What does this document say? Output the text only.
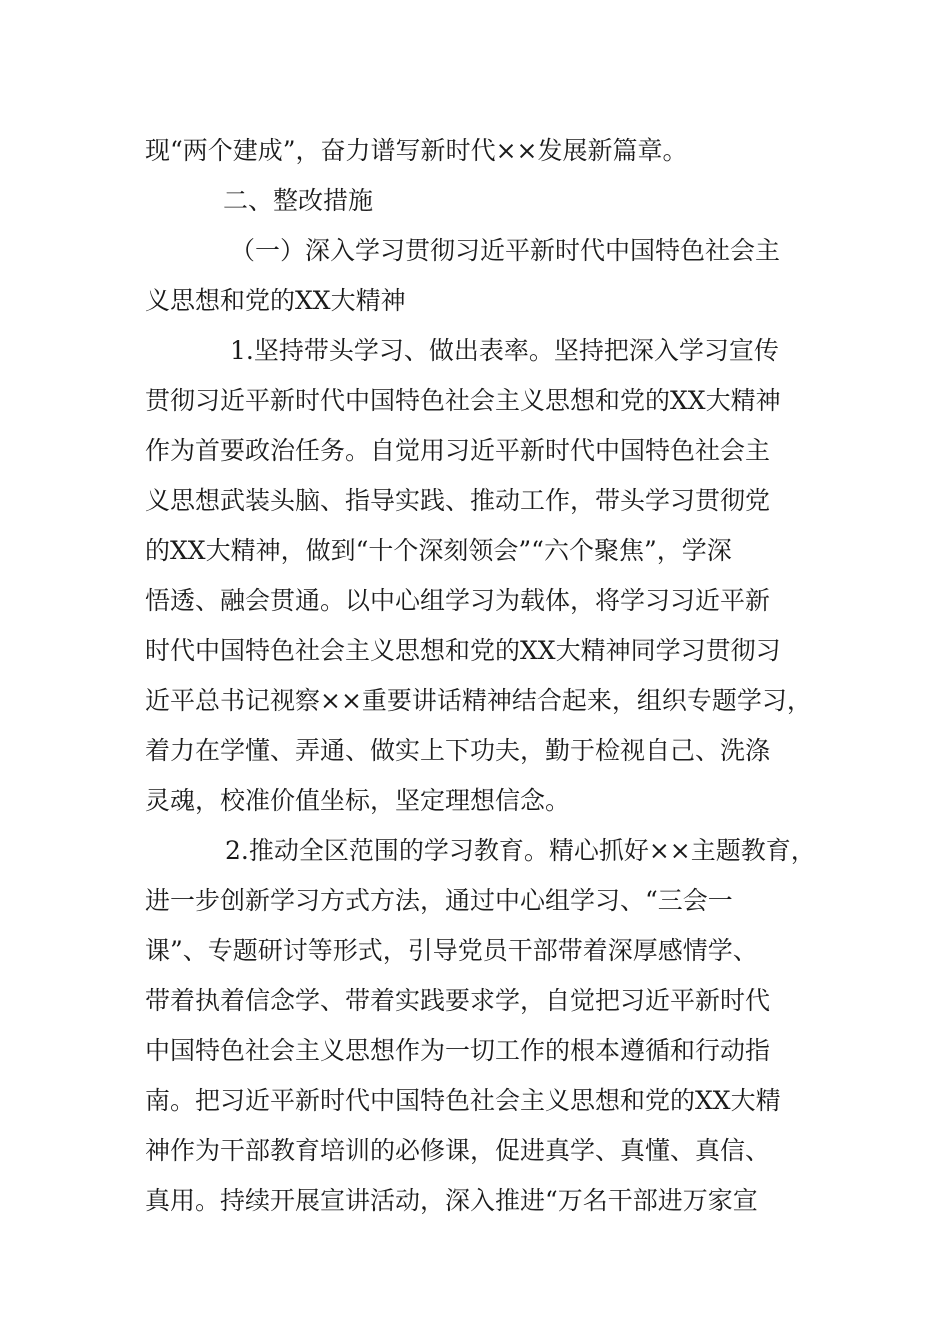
现“两个建成”，奋力谱写新时代××发展新篇章。
二、整改措施
（一）深入学习贯彻习近平新时代中国特色社会主
义思想和党的XX大精神
1.坚持带头学习、做出表率。坚持把深入学习宣传
贯彻习近平新时代中国特色社会主义思想和党的XX大精神
作为首要政治任务。自觉用习近平新时代中国特色社会主
义思想武装头脑、指导实践、推动工作，带头学习贯彻党
的XX大精神，做到“十个深刻领会”“六个聚焦”，学深
悟透、融会贯通。以中心组学习为载体，将学习习近平新
时代中国特色社会主义思想和党的XX大精神同学习贯彻习
近平总书记视察××重要讲话精神结合起来，组织专题学习，
着力在学懂、弄通、做实上下功夫，勤于检视自己、洗涤
灵魂，校准价值坐标，坚定理想信念。
2.推动全区范围的学习教育。精心抓好××主题教育，
进一步创新学习方式方法，通过中心组学习、“三会一
课”、专题研讨等形式，引导党员干部带着深厚感情学、
带着执着信念学、带着实践要求学，自觉把习近平新时代
中国特色社会主义思想作为一切工作的根本遵循和行动指
南。把习近平新时代中国特色社会主义思想和党的XX大精
神作为干部教育培训的必修课，促进真学、真懂、真信、
真用。持续开展宣讲活动，深入推进“万名干部进万家宣
